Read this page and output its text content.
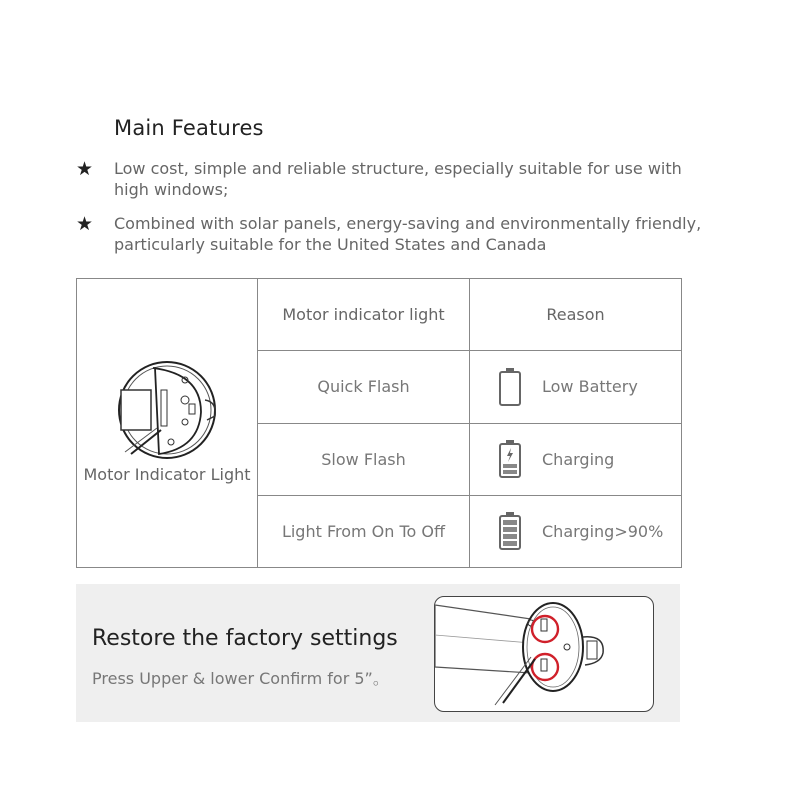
Main Features
★ Low cost, simple and reliable structure, especially suitable for use with high windows;
★ Combined with solar panels, energy-saving and environmentally friendly, particularly suitable for the United States and Canada
Motor Indicator Light	Motor indicator light	Reason
	Quick Flash	Low Battery

	Slow Flash	Charging

	Light From On To Off	Charging>90%
Restore the factory settings
Press Upper & lower Confirm for 5”。
